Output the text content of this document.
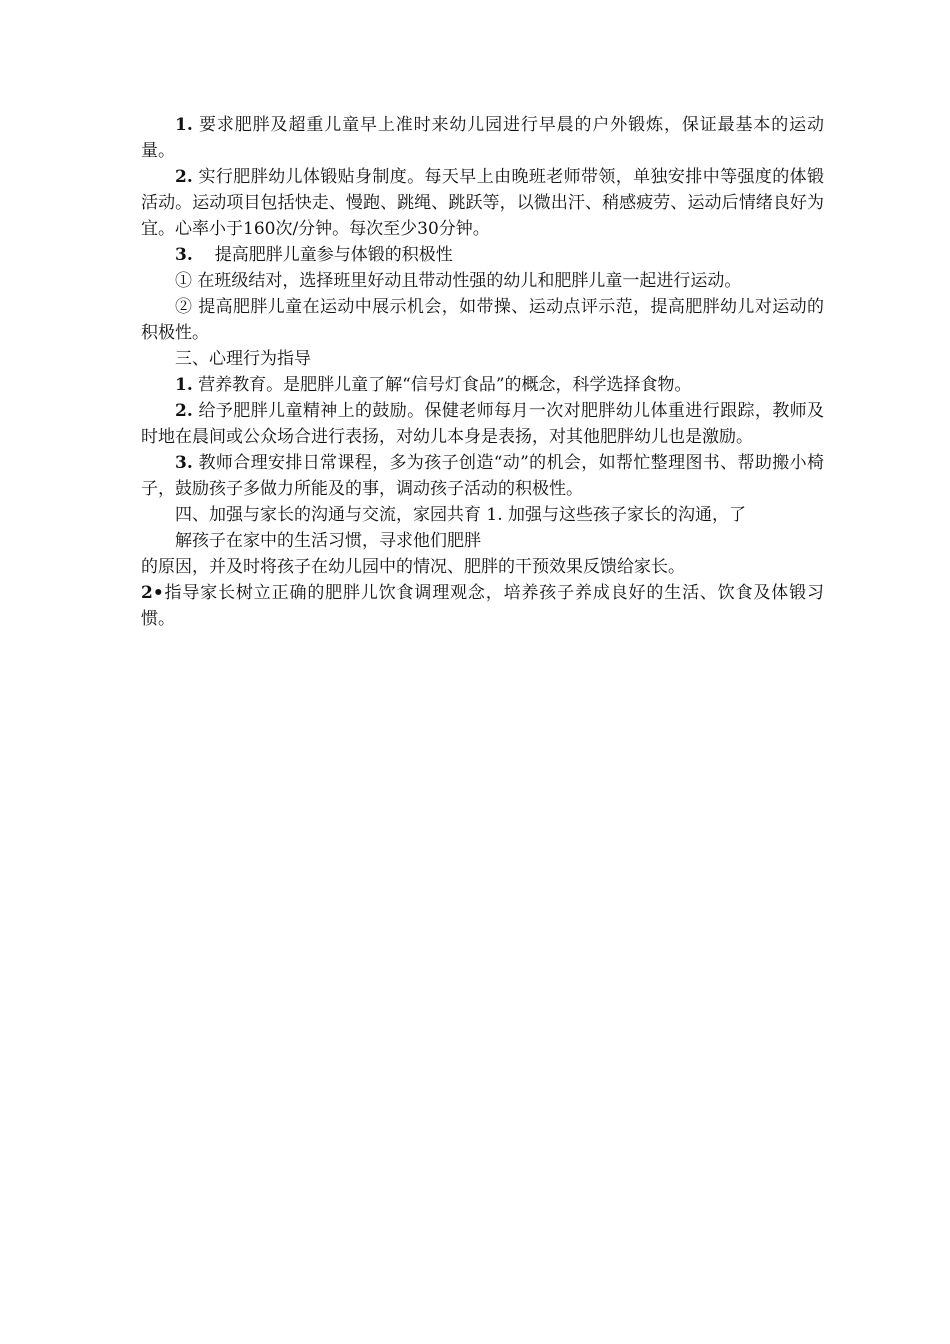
1. 要求肥胖及超重儿童早上准时来幼儿园进行早晨的户外锻炼，保证最基本的运动量。

2. 实行肥胖幼儿体锻贴身制度。每天早上由晚班老师带领，单独安排中等强度的体锻活动。运动项目包括快走、慢跑、跳绳、跳跃等，以微出汗、稍感疲劳、运动后情绪良好为宜。心率小于160次/分钟。每次至少30分钟。

3. 提高肥胖儿童参与体锻的积极性

① 在班级结对，选择班里好动且带动性强的幼儿和肥胖儿童一起进行运动。

② 提高肥胖儿童在运动中展示机会，如带操、运动点评示范，提高肥胖幼儿对运动的积极性。

三、心理行为指导

1. 营养教育。是肥胖儿童了解“信号灯食品”的概念，科学选择食物。

2. 给予肥胖儿童精神上的鼓励。保健老师每月一次对肥胖幼儿体重进行跟踪，教师及时地在晨间或公众场合进行表扬，对幼儿本身是表扬，对其他肥胖幼儿也是激励。

3. 教师合理安排日常课程，多为孩子创造“动”的机会，如帮忙整理图书、帮助搬小椅子，鼓励孩子多做力所能及的事，调动孩子活动的积极性。

四、加强与家长的沟通与交流，家园共育 1. 加强与这些孩子家长的沟通，了

解孩子在家中的生活习惯，寻求他们肥胖

的原因，并及时将孩子在幼儿园中的情况、肥胖的干预效果反馈给家长。

2•指导家长树立正确的肥胖儿饮食调理观念，培养孩子养成良好的生活、饮食及体锻习惯。
